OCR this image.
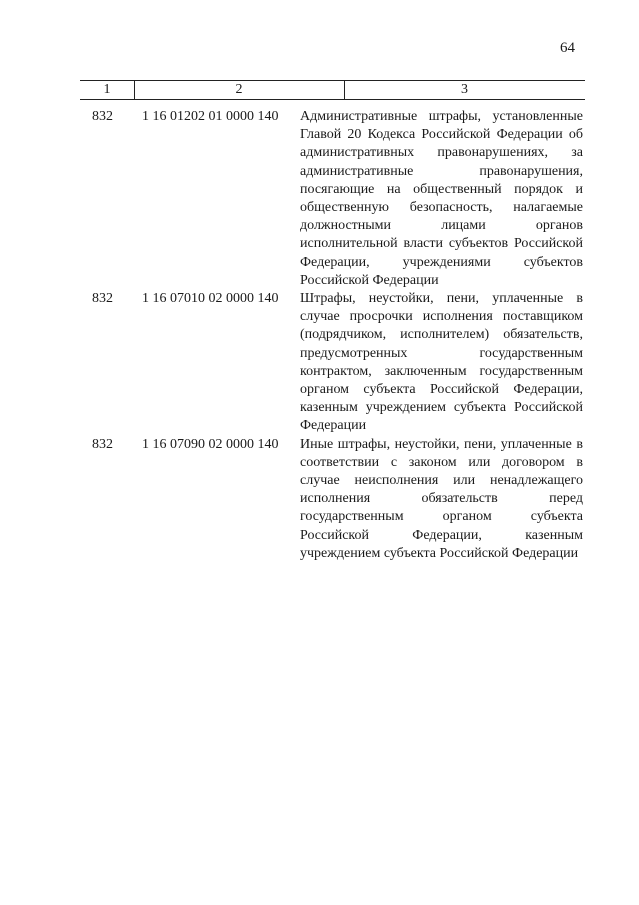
64
1	2	3
832 1 16 01202 01 0000 140 Административные штрафы, установленные Главой 20 Кодекса Российской Федерации об административных правонарушениях, за административные правонарушения, посягающие на общественный порядок и общественную безопасность, налагаемые должностными лицами органов исполнительной власти субъектов Российской Федерации, учреждениями субъектов Российской Федерации
832 1 16 07010 02 0000 140 Штрафы, неустойки, пени, уплаченные в случае просрочки исполнения поставщиком (подрядчиком, исполнителем) обязательств, предусмотренных государственным контрактом, заключенным государственным органом субъекта Российской Федерации, казенным учреждением субъекта Российской Федерации
832 1 16 07090 02 0000 140 Иные штрафы, неустойки, пени, уплаченные в соответствии с законом или договором в случае неисполнения или ненадлежащего исполнения обязательств перед государственным органом субъекта Российской Федерации, казенным учреждением субъекта Российской Федерации
